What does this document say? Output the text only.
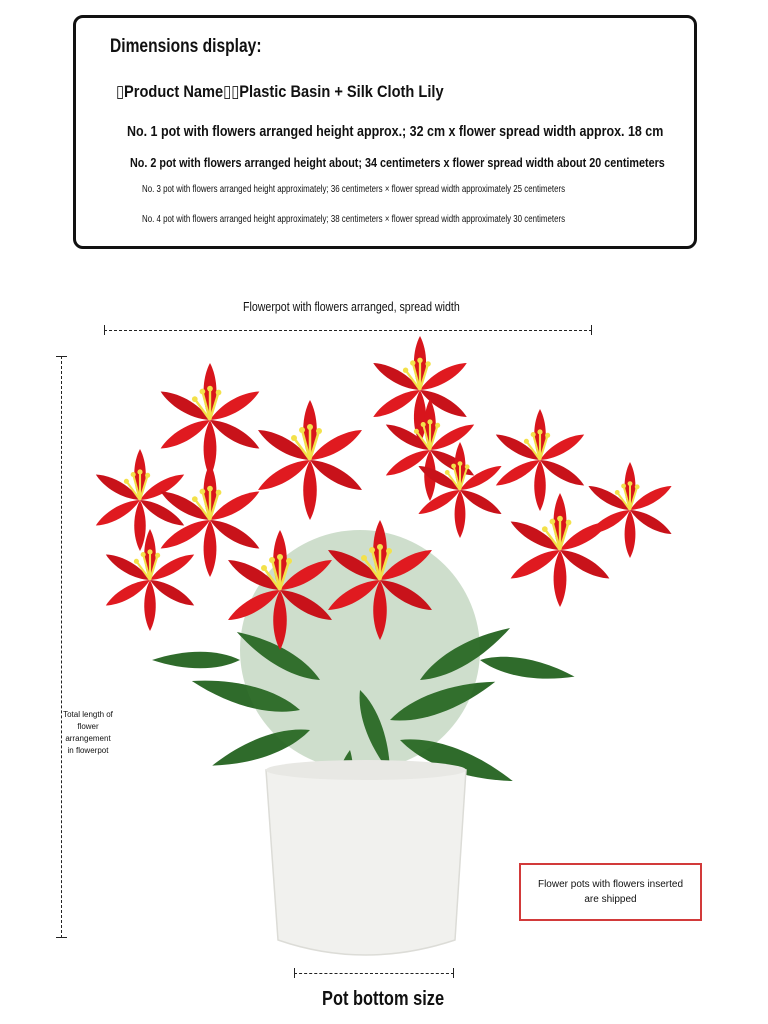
Dimensions display:
▯Product Name▯▯Plastic Basin + Silk Cloth Lily
No. 1 pot with flowers arranged height approx.; 32 cm x flower spread width approx. 18 cm
No. 2 pot with flowers arranged height about; 34 centimeters x flower spread width about 20 centimeters
No. 3 pot with flowers arranged height approximately; 36 centimeters × flower spread width approximately 25 centimeters
No. 4 pot with flowers arranged height approximately; 38 centimeters × flower spread width approximately 30 centimeters
Flowerpot with flowers arranged, spread width
Total length of flower arrangement in flowerpot
Flower pots with flowers inserted are shipped
Pot bottom size
